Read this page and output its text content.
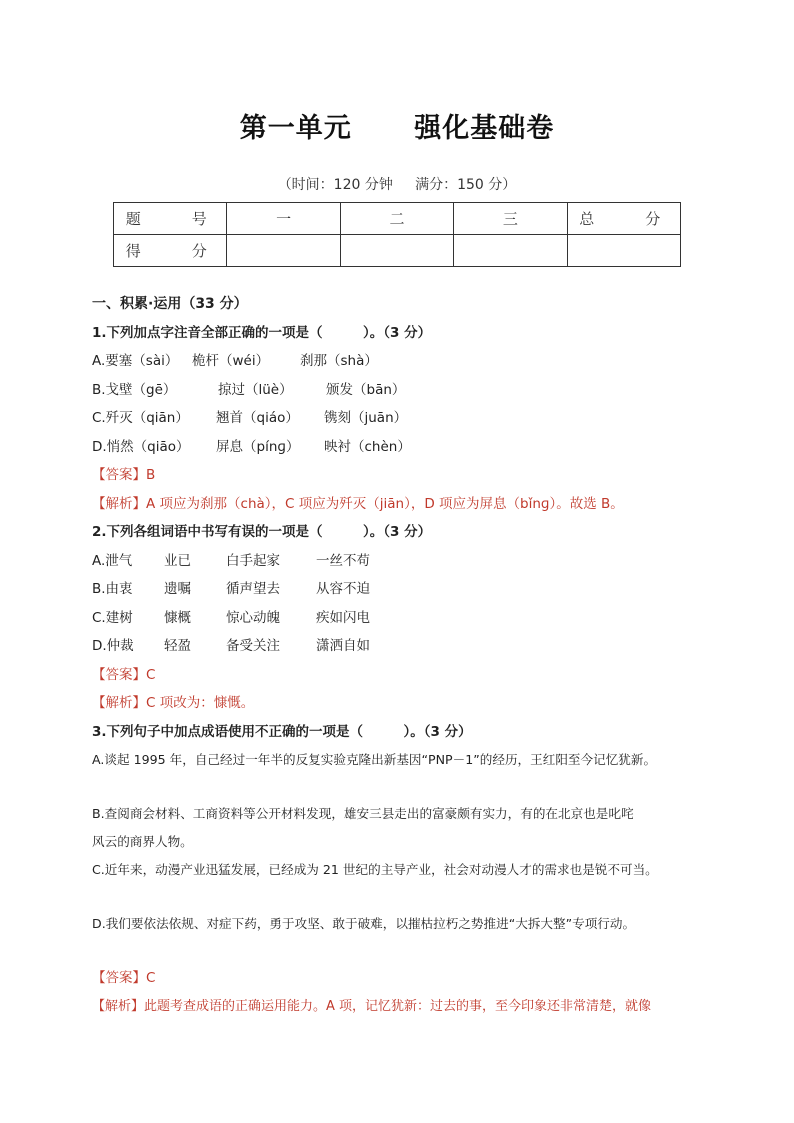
第一单元      强化基础卷
（时间：120 分钟     满分：150 分）
题　号	一	二	三	总　分
得　分				
一、积累·运用（33 分）
1.下列加点字注音全部正确的一项是（　　　）。（3 分）
A.要塞（sài）	桅杆（wéi）	刹那（shà）
B.戈壁（gē）	掠过（lüè）	颁发（bān）
C.歼灭（qiān）	翘首（qiáo）	镌刻（juān）
D.悄然（qiāo）	屏息（pínɡ）	映衬（chèn）
【答案】B
【解析】A 项应为刹那（chà），C 项应为歼灭（jiān），D 项应为屏息（bǐnɡ）。故选 B。
2.下列各组词语中书写有误的一项是（　　　）。（3 分）
A.泄气	业已	白手起家	一丝不苟
B.由衷	遗嘱	循声望去	从容不迫
C.建树	慷概	惊心动魄	疾如闪电
D.仲裁	轻盈	备受关注	潇洒自如
【答案】C
【解析】C 项改为：慷慨。
3.下列句子中加点成语使用不正确的一项是（　　　）。（3 分）
A.谈起 1995 年，自己经过一年半的反复实验克隆出新基因“PNP－1”的经历，王红阳至今记忆犹新。
B.查阅商会材料、工商资料等公开材料发现，雄安三县走出的富豪颇有实力，有的在北京也是叱咤
风云的商界人物。
C.近年来，动漫产业迅猛发展，已经成为 21 世纪的主导产业，社会对动漫人才的需求也是锐不可当。
D.我们要依法依规、对症下药，勇于攻坚、敢于破难，以摧枯拉朽之势推进“大拆大整”专项行动。
【答案】C
【解析】此题考查成语的正确运用能力。A 项，记忆犹新：过去的事，至今印象还非常清楚，就像
